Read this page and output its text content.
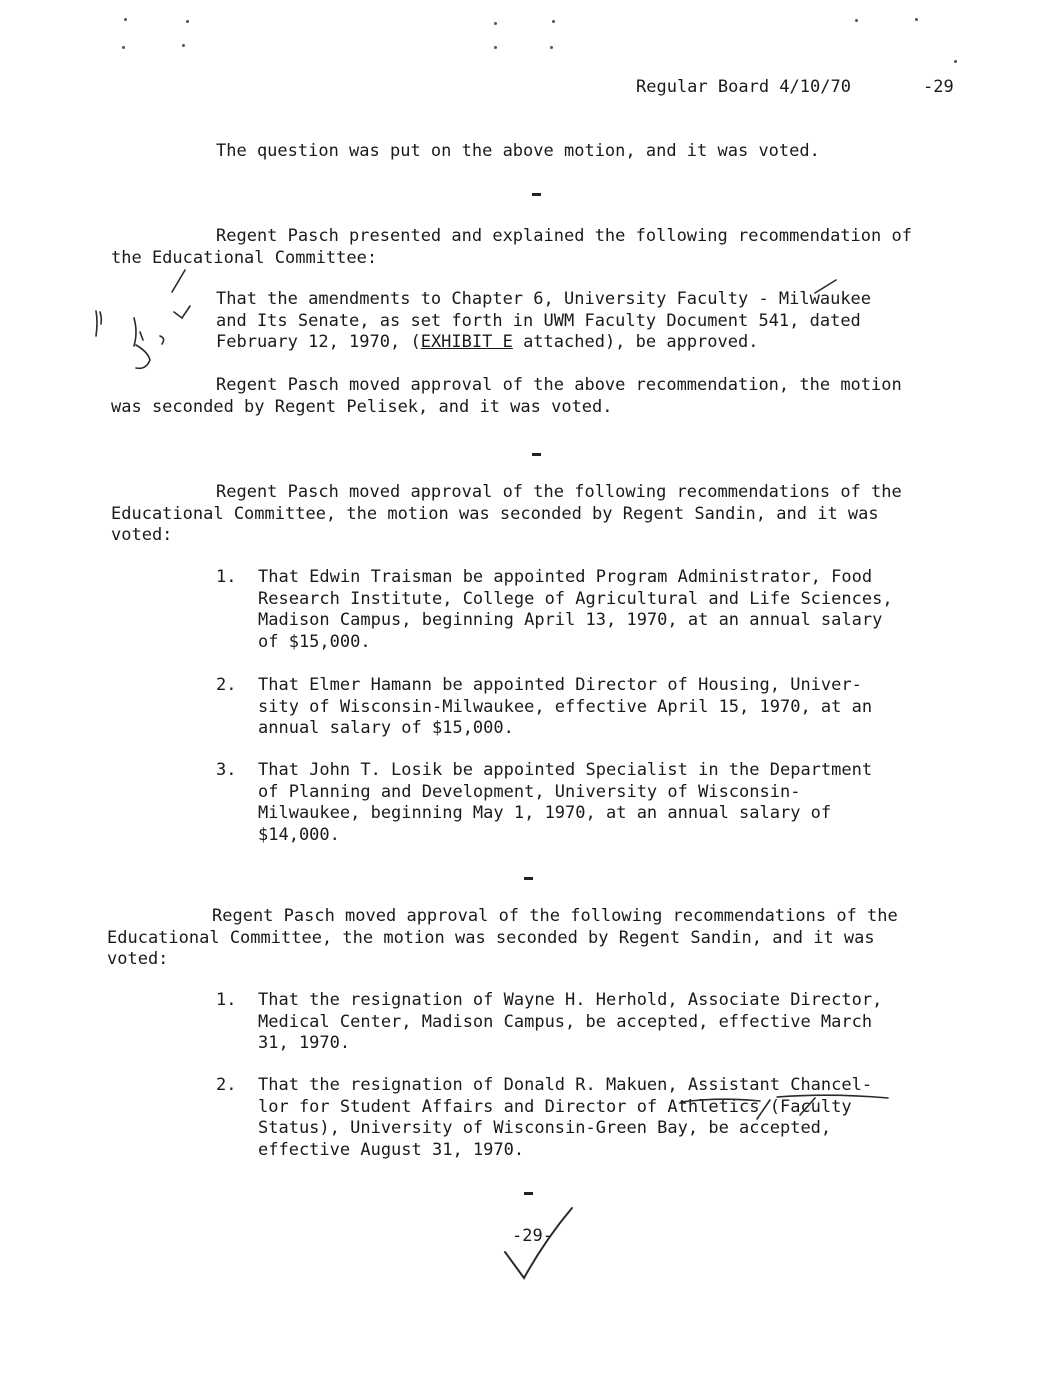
Regular Board 4/10/70	-29

The question was put on the above motion, and it was voted.

Regent Pasch presented and explained the following recommendation of

the Educational Committee:

That the amendments to Chapter 6, University Faculty - Milwaukee

and Its Senate, as set forth in UWM Faculty Document 541, dated

February 12, 1970, (EXHIBIT E attached), be approved.

Regent Pasch moved approval of the above recommendation, the motion

was seconded by Regent Pelisek, and it was voted.

Regent Pasch moved approval of the following recommendations of the

Educational Committee, the motion was seconded by Regent Sandin, and it was

voted:

1.	That Edwin Traisman be appointed Program Administrator, Food
Research Institute, College of Agricultural and Life Sciences,
Madison Campus, beginning April 13, 1970, at an annual salary
of $15,000.
2.	That Elmer Hamann be appointed Director of Housing, Univer-
sity of Wisconsin-Milwaukee, effective April 15, 1970, at an
annual salary of $15,000.
3.	That John T. Losik be appointed Specialist in the Department
of Planning and Development, University of Wisconsin-
Milwaukee, beginning May 1, 1970, at an annual salary of
$14,000.

Regent Pasch moved approval of the following recommendations of the

Educational Committee, the motion was seconded by Regent Sandin, and it was

voted:

1.	That the resignation of Wayne H. Herhold, Associate Director,
Medical Center, Madison Campus, be accepted, effective March
31, 1970.
2.	That the resignation of Donald R. Makuen, Assistant Chancel-
lor for Student Affairs and Director of Athletics (Faculty
Status), University of Wisconsin-Green Bay, be accepted,
effective August 31, 1970.
-29-
